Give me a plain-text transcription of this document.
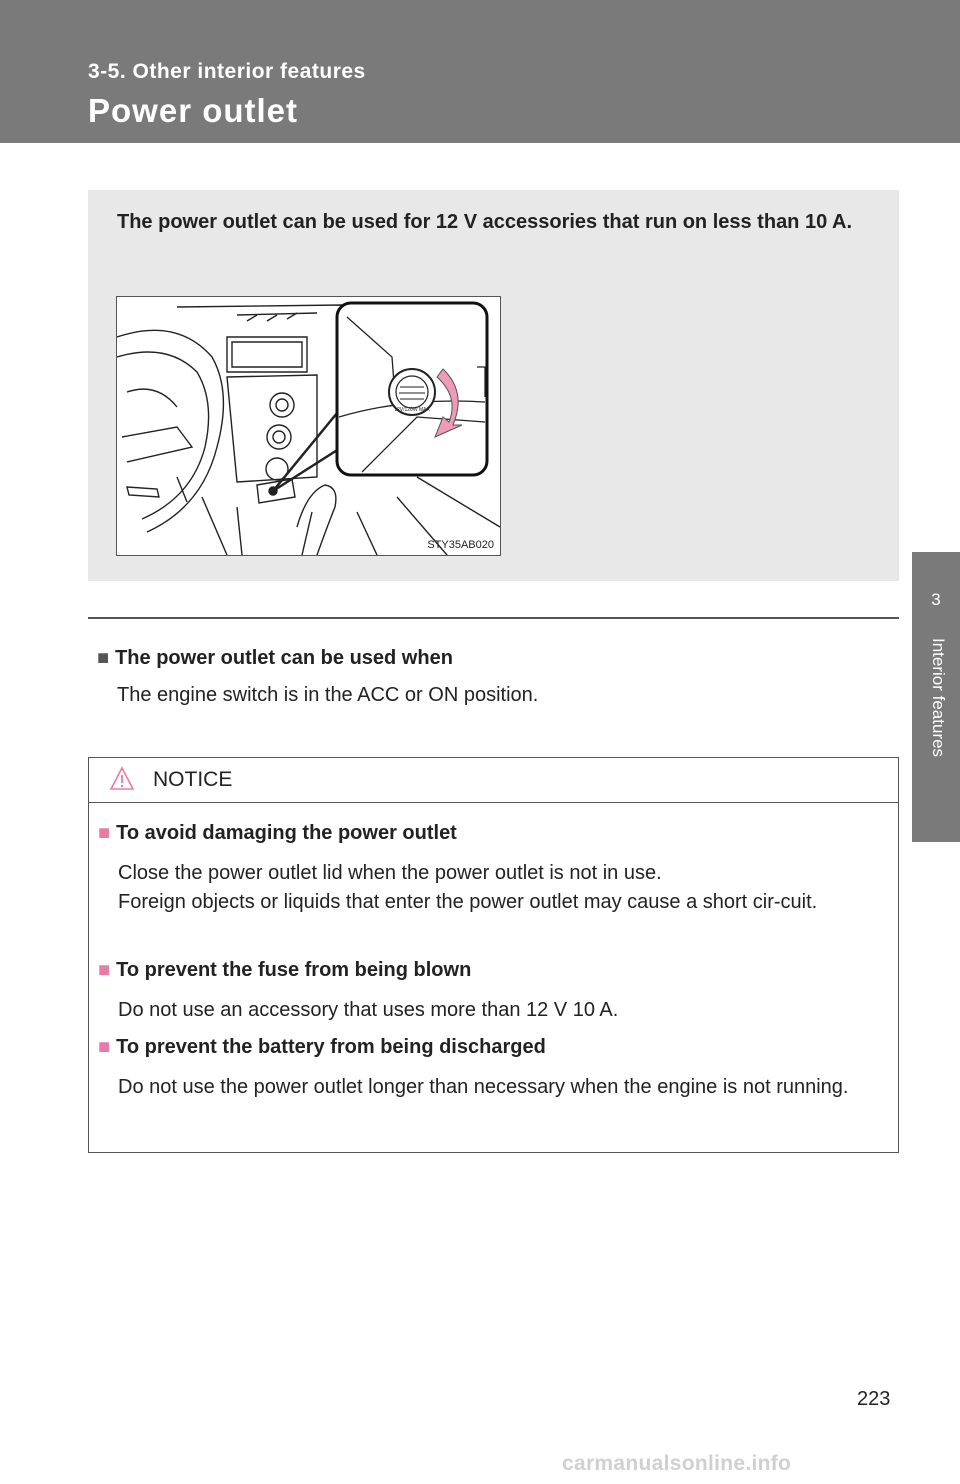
3-5. Other interior features
Power outlet
3
Interior features
The power outlet can be used for 12 V accessories that run on less than 10 A.
12V/120W MAX
STY35AB020
■ The power outlet can be used when
The engine switch is in the ACC or ON position.
NOTICE
■ To avoid damaging the power outlet
Close the power outlet lid when the power outlet is not in use.
Foreign objects or liquids that enter the power outlet may cause a short cir-cuit.
■ To prevent the fuse from being blown
Do not use an accessory that uses more than 12 V 10 A.
■ To prevent the battery from being discharged
Do not use the power outlet longer than necessary when the engine is not running.
223
carmanualsonline.info
